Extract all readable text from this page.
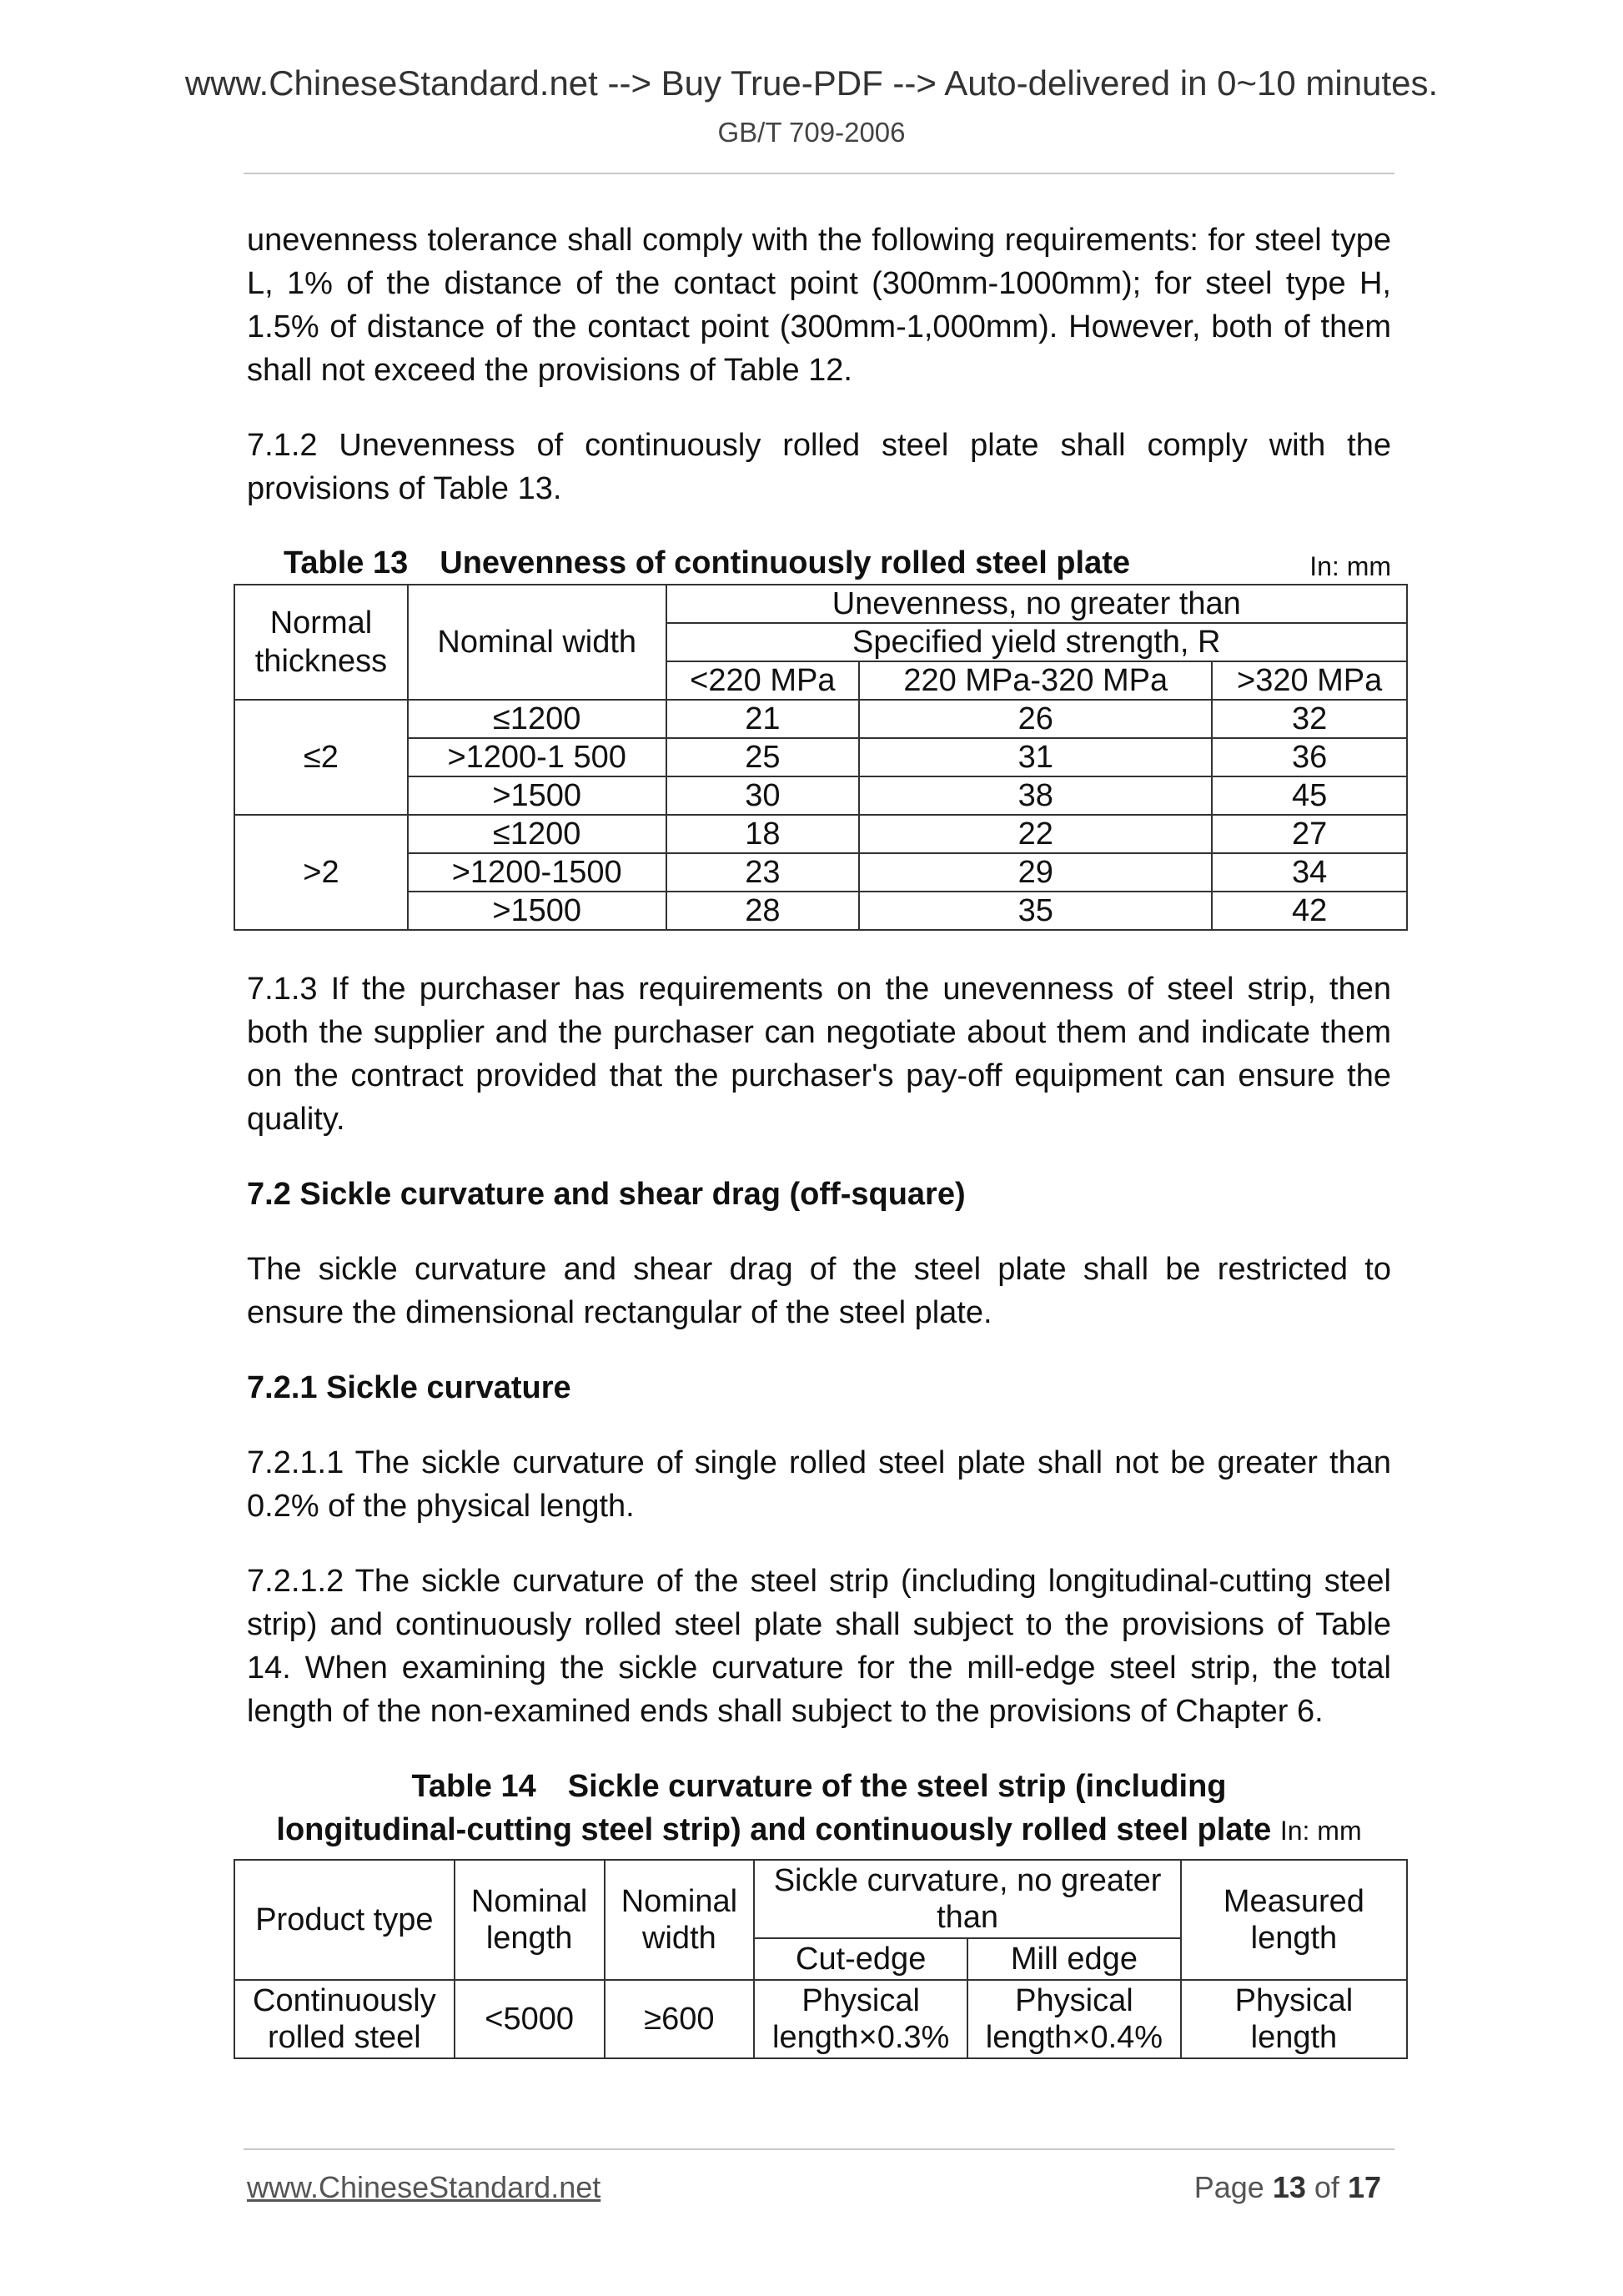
www.ChineseStandard.net --> Buy True-PDF --> Auto-delivered in 0~10 minutes.
GB/T 709-2006

unevenness tolerance shall comply with the following requirements: for steel type L, 1% of the distance of the contact point (300mm-1000mm); for steel type H, 1.5% of distance of the contact point (300mm-1,000mm). However, both of them shall not exceed the provisions of Table 12.

7.1.2 Unevenness of continuously rolled steel plate shall comply with the provisions of Table 13.

Table 13 Unevenness of continuously rolled steel plate	In: mm
Normal thickness	Nominal width	Unevenness, no greater than		
		Specified yield strength, R		
		<220 MPa	220 MPa-320 MPa	>320 MPa
≤2	≤1200	21	26	32
	>1200-1 500	25	31	36
	>1500	30	38	45
>2	≤1200	18	22	27
	>1200-1500	23	29	34
	>1500	28	35	42

7.1.3 If the purchaser has requirements on the unevenness of steel strip, then both the supplier and the purchaser can negotiate about them and indicate them on the contract provided that the purchaser's pay-off equipment can ensure the quality.

7.2 Sickle curvature and shear drag (off-square)

The sickle curvature and shear drag of the steel plate shall be restricted to ensure the dimensional rectangular of the steel plate.

7.2.1 Sickle curvature

7.2.1.1 The sickle curvature of single rolled steel plate shall not be greater than 0.2% of the physical length.

7.2.1.2 The sickle curvature of the steel strip (including longitudinal-cutting steel strip) and continuously rolled steel plate shall subject to the provisions of Table 14. When examining the sickle curvature for the mill-edge steel strip, the total length of the non-examined ends shall subject to the provisions of Chapter 6.

Table 14 Sickle curvature of the steel strip (including
longitudinal-cutting steel strip) and continuously rolled steel plate In: mm
Product type	Nominal length	Nominal width	Sickle curvature, no greater than		Measured length
			Cut-edge	Mill edge	
Continuously rolled steel	<5000	≥600	Physical length×0.3%	Physical length×0.4%	Physical length
www.ChineseStandard.net	Page 13 of 17
